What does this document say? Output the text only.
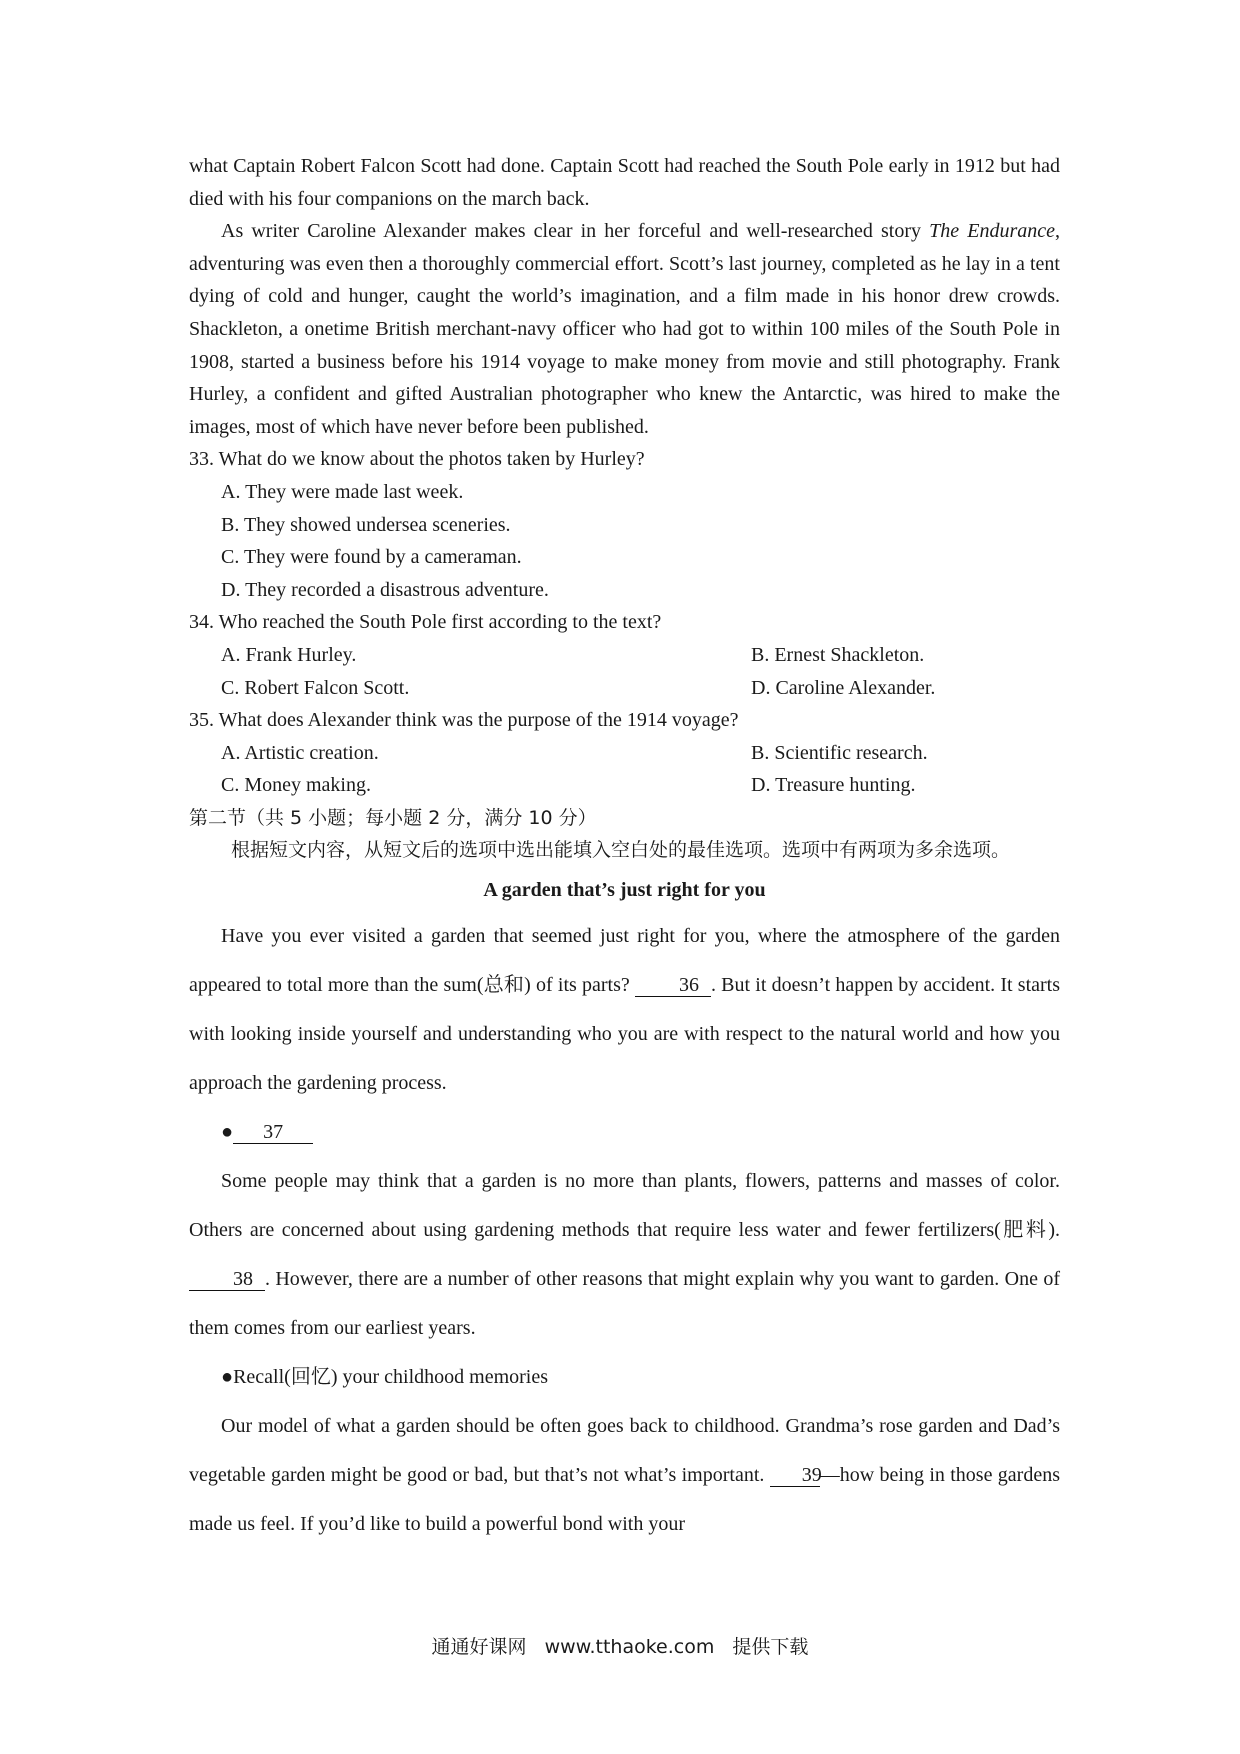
what Captain Robert Falcon Scott had done. Captain Scott had reached the South Pole early in 1912 but had died with his four companions on the march back.

As writer Caroline Alexander makes clear in her forceful and well-researched story The Endurance, adventuring was even then a thoroughly commercial effort. Scott’s last journey, completed as he lay in a tent dying of cold and hunger, caught the world’s imagination, and a film made in his honor drew crowds. Shackleton, a onetime British merchant-navy officer who had got to within 100 miles of the South Pole in 1908, started a business before his 1914 voyage to make money from movie and still photography. Frank Hurley, a confident and gifted Australian photographer who knew the Antarctic, was hired to make the images, most of which have never before been published.

33. What do we know about the photos taken by Hurley?
A. They were made last week.
B. They showed undersea sceneries.
C. They were found by a cameraman.
D. They recorded a disastrous adventure.
34. Who reached the South Pole first according to the text?
A. Frank Hurley.	B. Ernest Shackleton.
C. Robert Falcon Scott.	D. Caroline Alexander.
35. What does Alexander think was the purpose of the 1914 voyage?
A. Artistic creation.	B. Scientific research.
C. Money making.	D. Treasure hunting.
第二节（共 5 小题；每小题 2 分，满分 10 分）
根据短文内容，从短文后的选项中选出能填入空白处的最佳选项。选项中有两项为多余选项。
A garden that’s just right for you

Have you ever visited a garden that seemed just right for you, where the atmosphere of the garden appeared to total more than the sum(总和) of its parts? 36 . But it doesn’t happen by accident. It starts with looking inside yourself and understanding who you are with respect to the natural world and how you approach the gardening process.

● 37

Some people may think that a garden is no more than plants, flowers, patterns and masses of color. Others are concerned about using gardening methods that require less water and fewer fertilizers(肥料). 38 . However, there are a number of other reasons that might explain why you want to garden. One of them comes from our earliest years.

●Recall(回忆) your childhood memories

Our model of what a garden should be often goes back to childhood. Grandma’s rose garden and Dad’s vegetable garden might be good or bad, but that’s not what’s important. 39—how being in those gardens made us feel. If you’d like to build a powerful bond with your

通通好课网 www.tthaoke.com 提供下载
